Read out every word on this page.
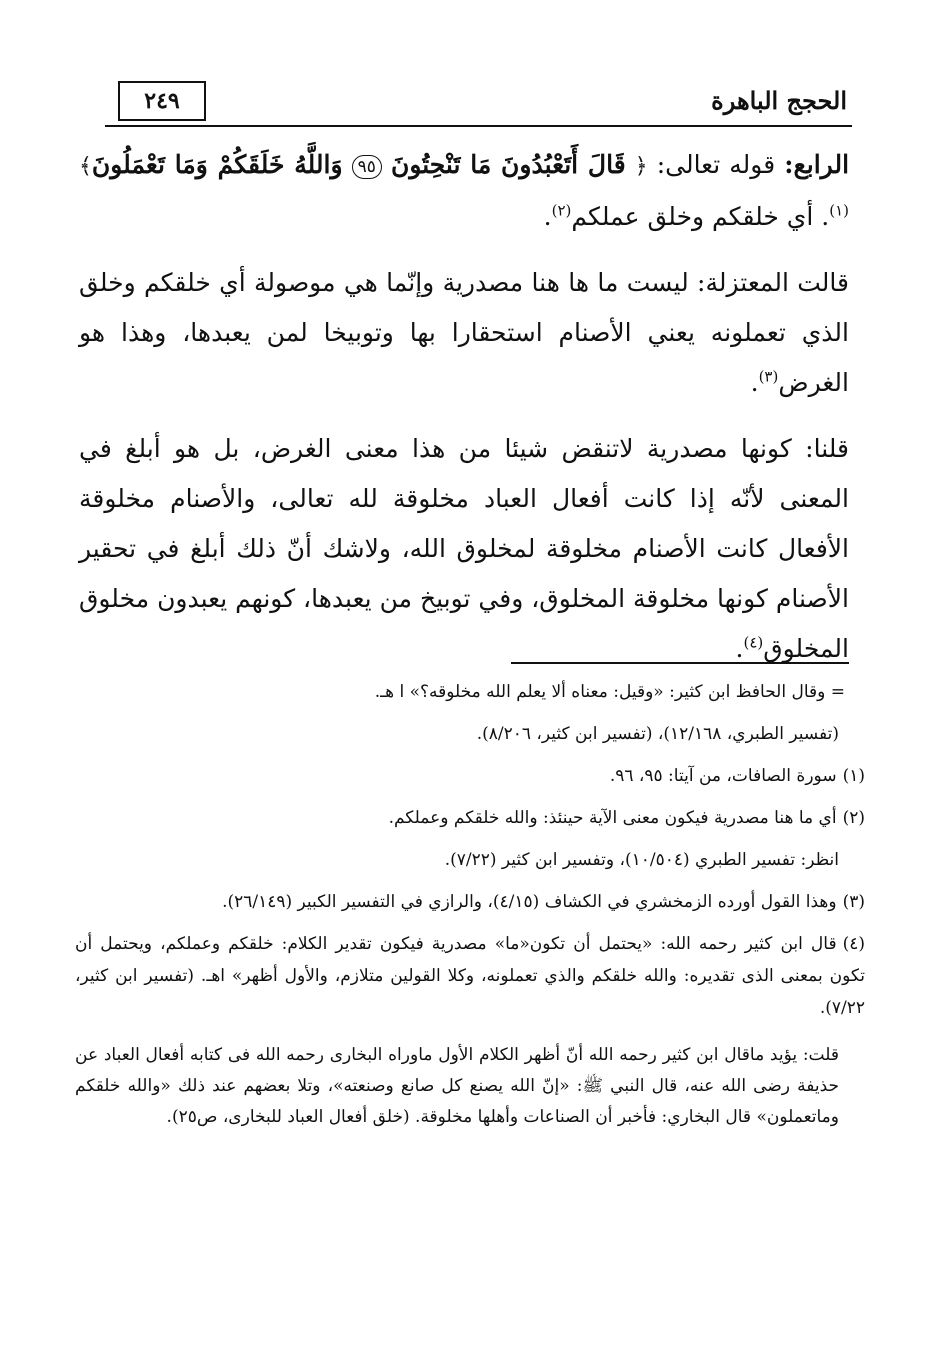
الحجج الباهرة
٢٤٩

الرابع: قوله تعالى: ﴿ قَالَ أَتَعْبُدُونَ مَا تَنْحِتُونَ ٩٥ وَاللَّهُ خَلَقَكُمْ وَمَا تَعْمَلُونَ﴾$^{(١)}$. أي خلقكم وخلق عملكم$^{(٢)}$.

قالت المعتزلة: ليست ما ها هنا مصدرية وإنّما هي موصولة أي خلقكم وخلق الذي تعملونه يعني الأصنام استحقارا بها وتوبيخا لمن يعبدها، وهذا هو الغرض$^{(٣)}$.

قلنا: كونها مصدرية لاتنقض شيئا من هذا معنى الغرض، بل هو أبلغ في المعنى لأنّه إذا كانت أفعال العباد مخلوقة لله تعالى، والأصنام مخلوقة الأفعال كانت الأصنام مخلوقة لمخلوق الله، ولاشك أنّ ذلك أبلغ في تحقير الأصنام كونها مخلوقة المخلوق، وفي توبيخ من يعبدها، كونهم يعبدون مخلوق المخلوق$^{(٤)}$.

= وقال الحافظ ابن كثير: «وقيل: معناه ألا يعلم الله مخلوقه؟» ا هـ.
(تفسير الطبري، ١٢/١٦٨)، (تفسير ابن كثير، ٨/٢٠٦).
(١)سورة الصافات، من آيتا: ٩٥، ٩٦.
(٢)أي ما هنا مصدرية فيكون معنى الآية حينئذ: والله خلقكم وعملكم.
انظر: تفسير الطبري (١٠/٥٠٤)، وتفسير ابن كثير (٧/٢٢).
(٣)وهذا القول أورده الزمخشري في الكشاف (٤/١٥)، والرازي في التفسير الكبير (٢٦/١٤٩).
(٤)قال ابن كثير رحمه الله: «يحتمل أن تكون«ما» مصدرية فيكون تقدير الكلام: خلقكم وعملكم، ويحتمل أن تكون بمعنى الذى تقديره: والله خلقكم والذي تعملونه، وكلا القولين متلازم، والأول أظهر» اهـ. (تفسير ابن كثير، ٧/٢٢).
قلت: يؤيد ماقال ابن كثير رحمه الله أنّ أظهر الكلام الأول ماوراه البخارى رحمه الله فى كتابه أفعال العباد عن حذيفة رضى الله عنه، قال النبي ﷺ: «إنّ الله يصنع كل صانع وصنعته»، وتلا بعضهم عند ذلك «والله خلقكم وماتعملون» قال البخاري: فأخبر أن الصناعات وأهلها مخلوقة. (خلق أفعال العباد للبخارى، ص٢٥).
